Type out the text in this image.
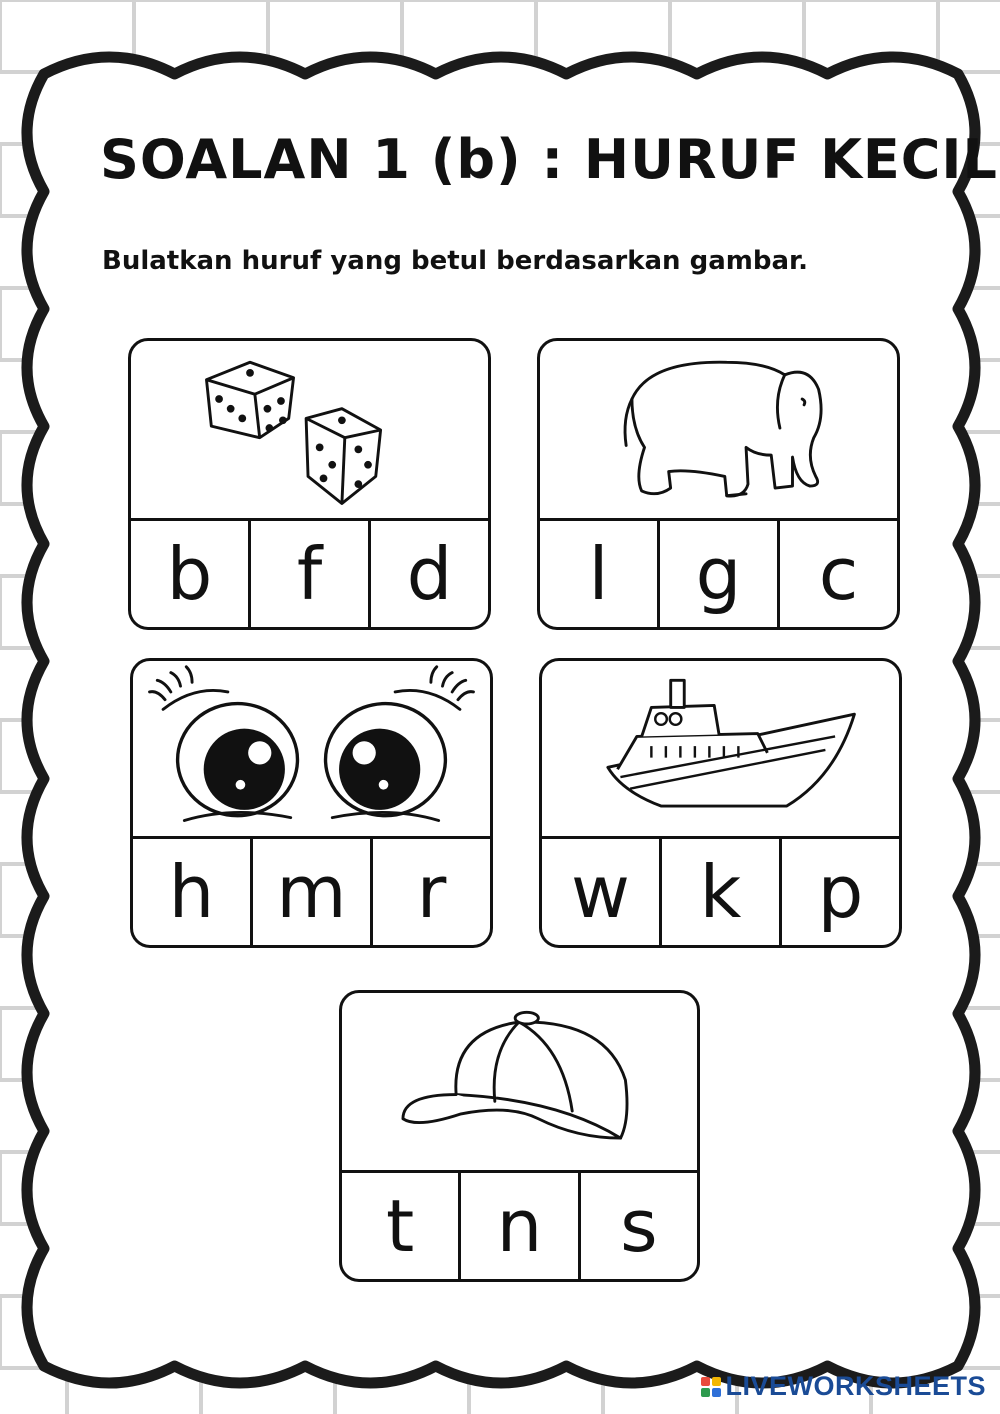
SOALAN 1 (b) : HURUF KECIL
Bulatkan huruf yang betul berdasarkan gambar.
b	f	d	l	g	c
h m r	w k	p
t	n	s
LIVEWORKSHEETS
